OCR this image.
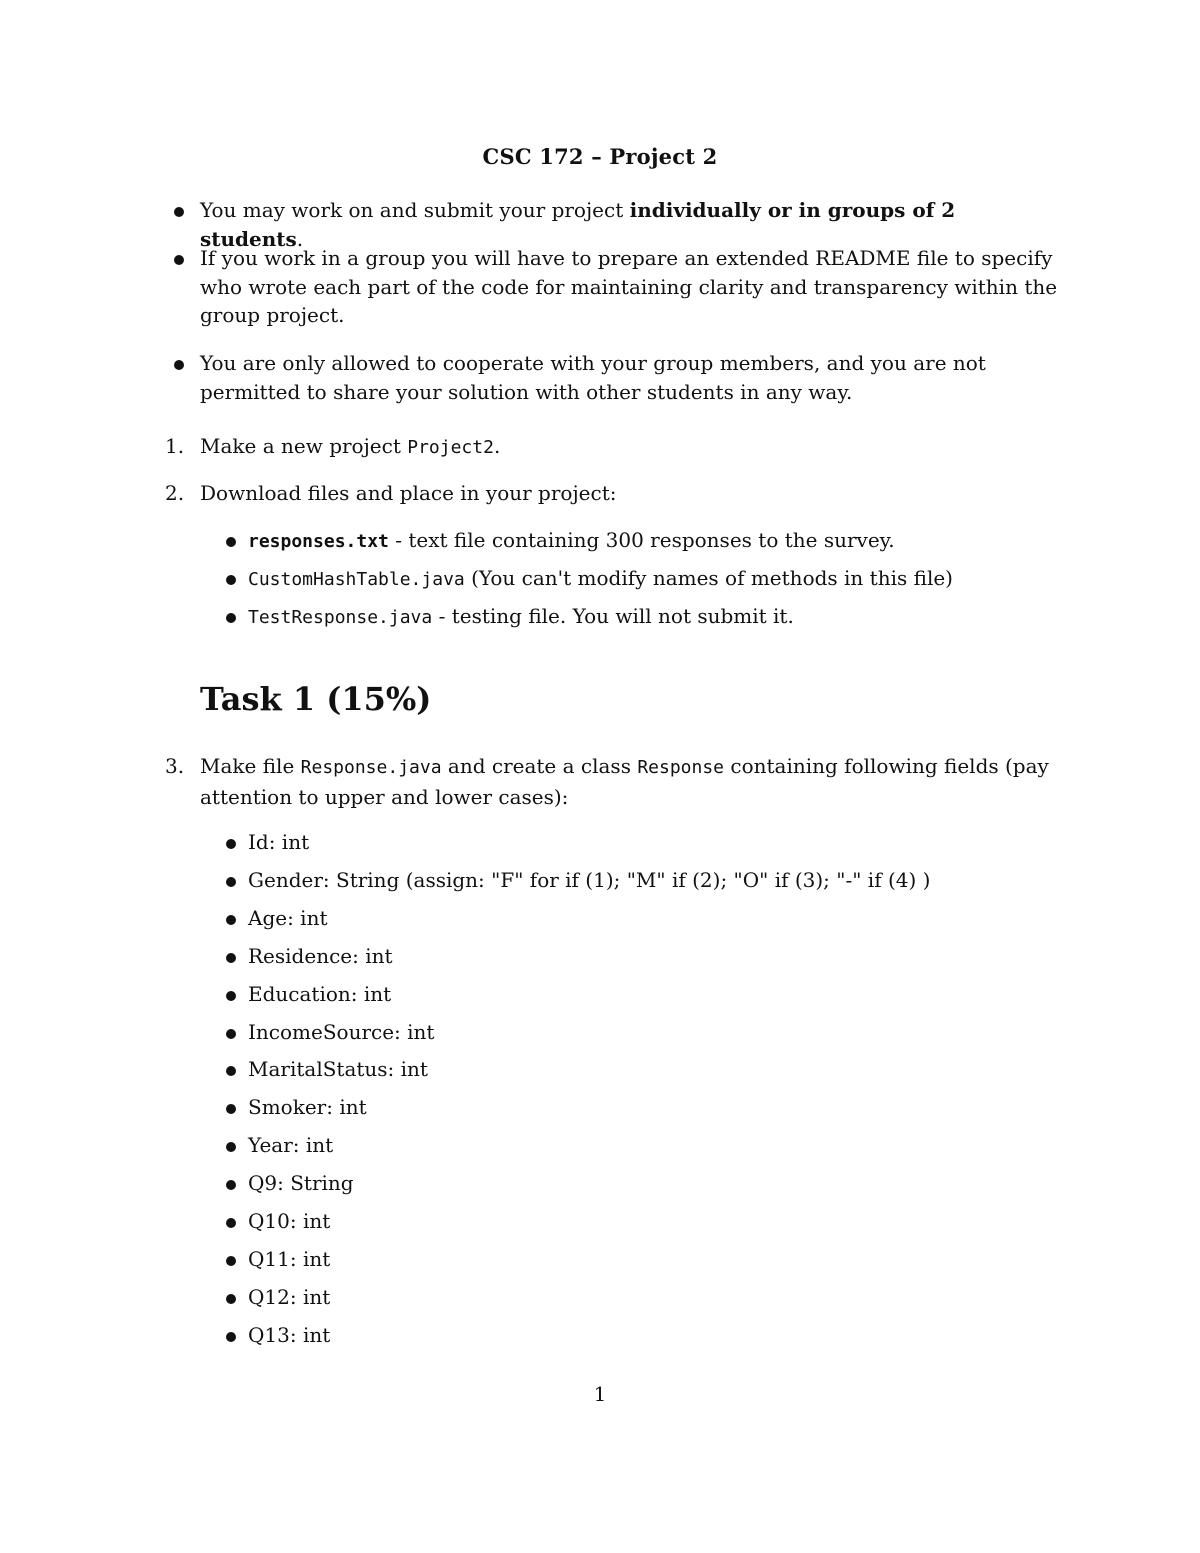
CSC 172 – Project 2
You may work on and submit your project individually or in groups of 2 students.
If you work in a group you will have to prepare an extended README file to specify who wrote each part of the code for maintaining clarity and transparency within the group project.
You are only allowed to cooperate with your group members, and you are not permitted to share your solution with other students in any way.
1. Make a new project Project2.
2. Download files and place in your project:
responses.txt - text file containing 300 responses to the survey.
CustomHashTable.java (You can't modify names of methods in this file)
TestResponse.java - testing file. You will not submit it.
Task 1 (15%)
3. Make file Response.java and create a class Response containing following fields (pay attention to upper and lower cases):
Id: int
Gender: String (assign: "F" for if (1); "M" if (2); "O" if (3); "-" if (4) )
Age: int
Residence: int
Education: int
IncomeSource: int
MaritalStatus: int
Smoker: int
Year: int
Q9: String
Q10: int
Q11: int
Q12: int
Q13: int
1
